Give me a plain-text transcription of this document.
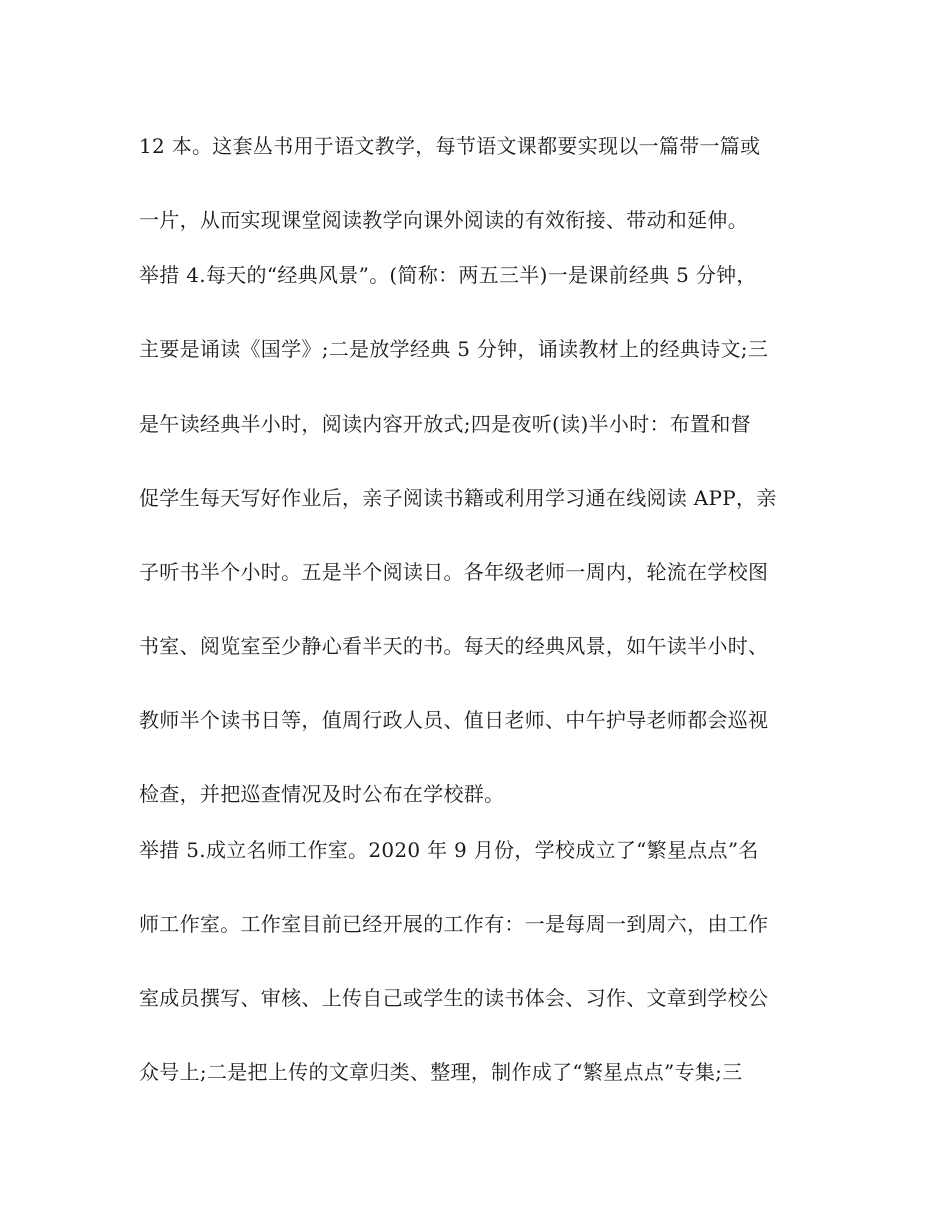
12 本。这套丛书用于语文教学，每节语文课都要实现以一篇带一篇或
一片，从而实现课堂阅读教学向课外阅读的有效衔接、带动和延伸。
举措 4.每天的“经典风景”。(简称：两五三半)一是课前经典 5 分钟，
主要是诵读《国学》;二是放学经典 5 分钟，诵读教材上的经典诗文;三
是午读经典半小时，阅读内容开放式;四是夜听(读)半小时：布置和督
促学生每天写好作业后，亲子阅读书籍或利用学习通在线阅读 APP，亲
子听书半个小时。五是半个阅读日。各年级老师一周内，轮流在学校图
书室、阅览室至少静心看半天的书。每天的经典风景，如午读半小时、
教师半个读书日等，值周行政人员、值日老师、中午护导老师都会巡视
检查，并把巡查情况及时公布在学校群。
举措 5.成立名师工作室。2020 年 9 月份，学校成立了“繁星点点”名
师工作室。工作室目前已经开展的工作有：一是每周一到周六，由工作
室成员撰写、审核、上传自己或学生的读书体会、习作、文章到学校公
众号上;二是把上传的文章归类、整理，制作成了“繁星点点”专集;三
